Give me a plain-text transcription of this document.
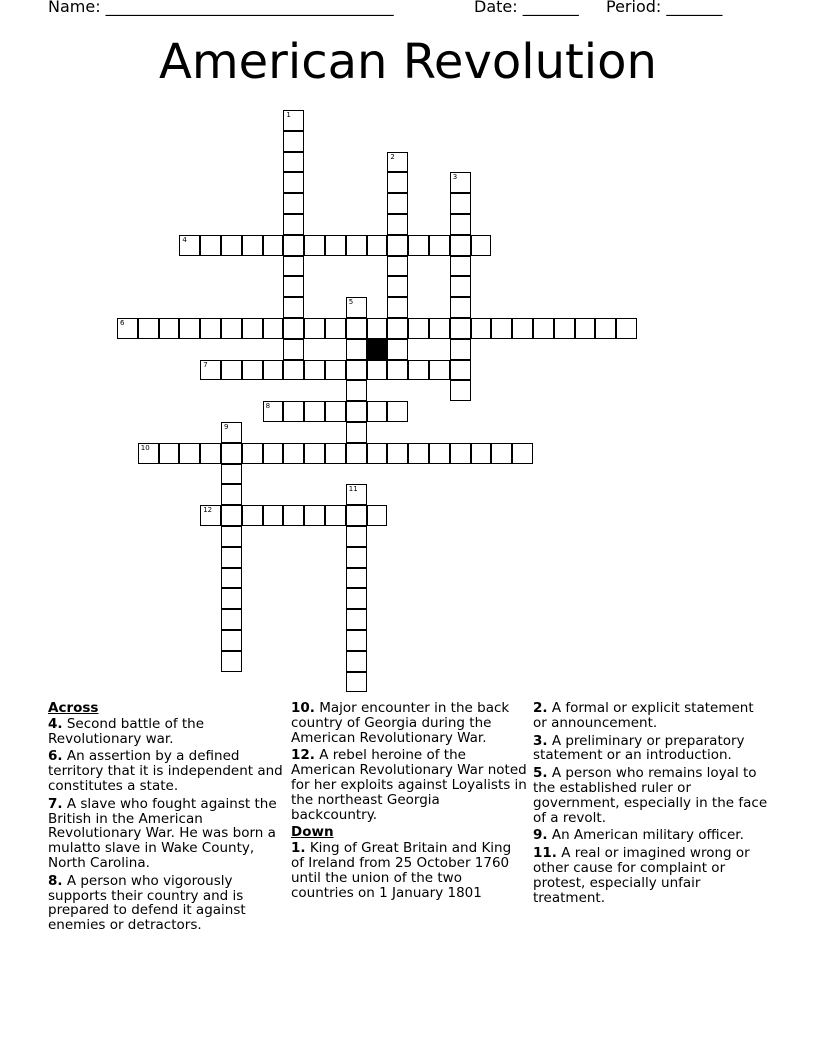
Name: ____________________________________	Date: _______ Period: _______
American Revolution
1
2
3
4
5
6
7
8
9
10
11
12
Across
4. Second battle of the Revolutionary war.
6. An assertion by a defined territory that it is independent and constitutes a state.
7. A slave who fought against the British in the American Revolutionary War. He was born a mulatto slave in Wake County, North Carolina.
8. A person who vigorously supports their country and is prepared to defend it against enemies or detractors.
10. Major encounter in the back country of Georgia during the American Revolutionary War.
12. A rebel heroine of the American Revolutionary War noted for her exploits against Loyalists in the northeast Georgia backcountry.
Down
1. King of Great Britain and King of Ireland from 25 October 1760 until the union of the two countries on 1 January 1801
2. A formal or explicit statement or announcement.
3. A preliminary or preparatory statement or an introduction.
5. A person who remains loyal to the established ruler or government, especially in the face of a revolt.
9. An American military officer.
11. A real or imagined wrong or other cause for complaint or protest, especially unfair treatment.
